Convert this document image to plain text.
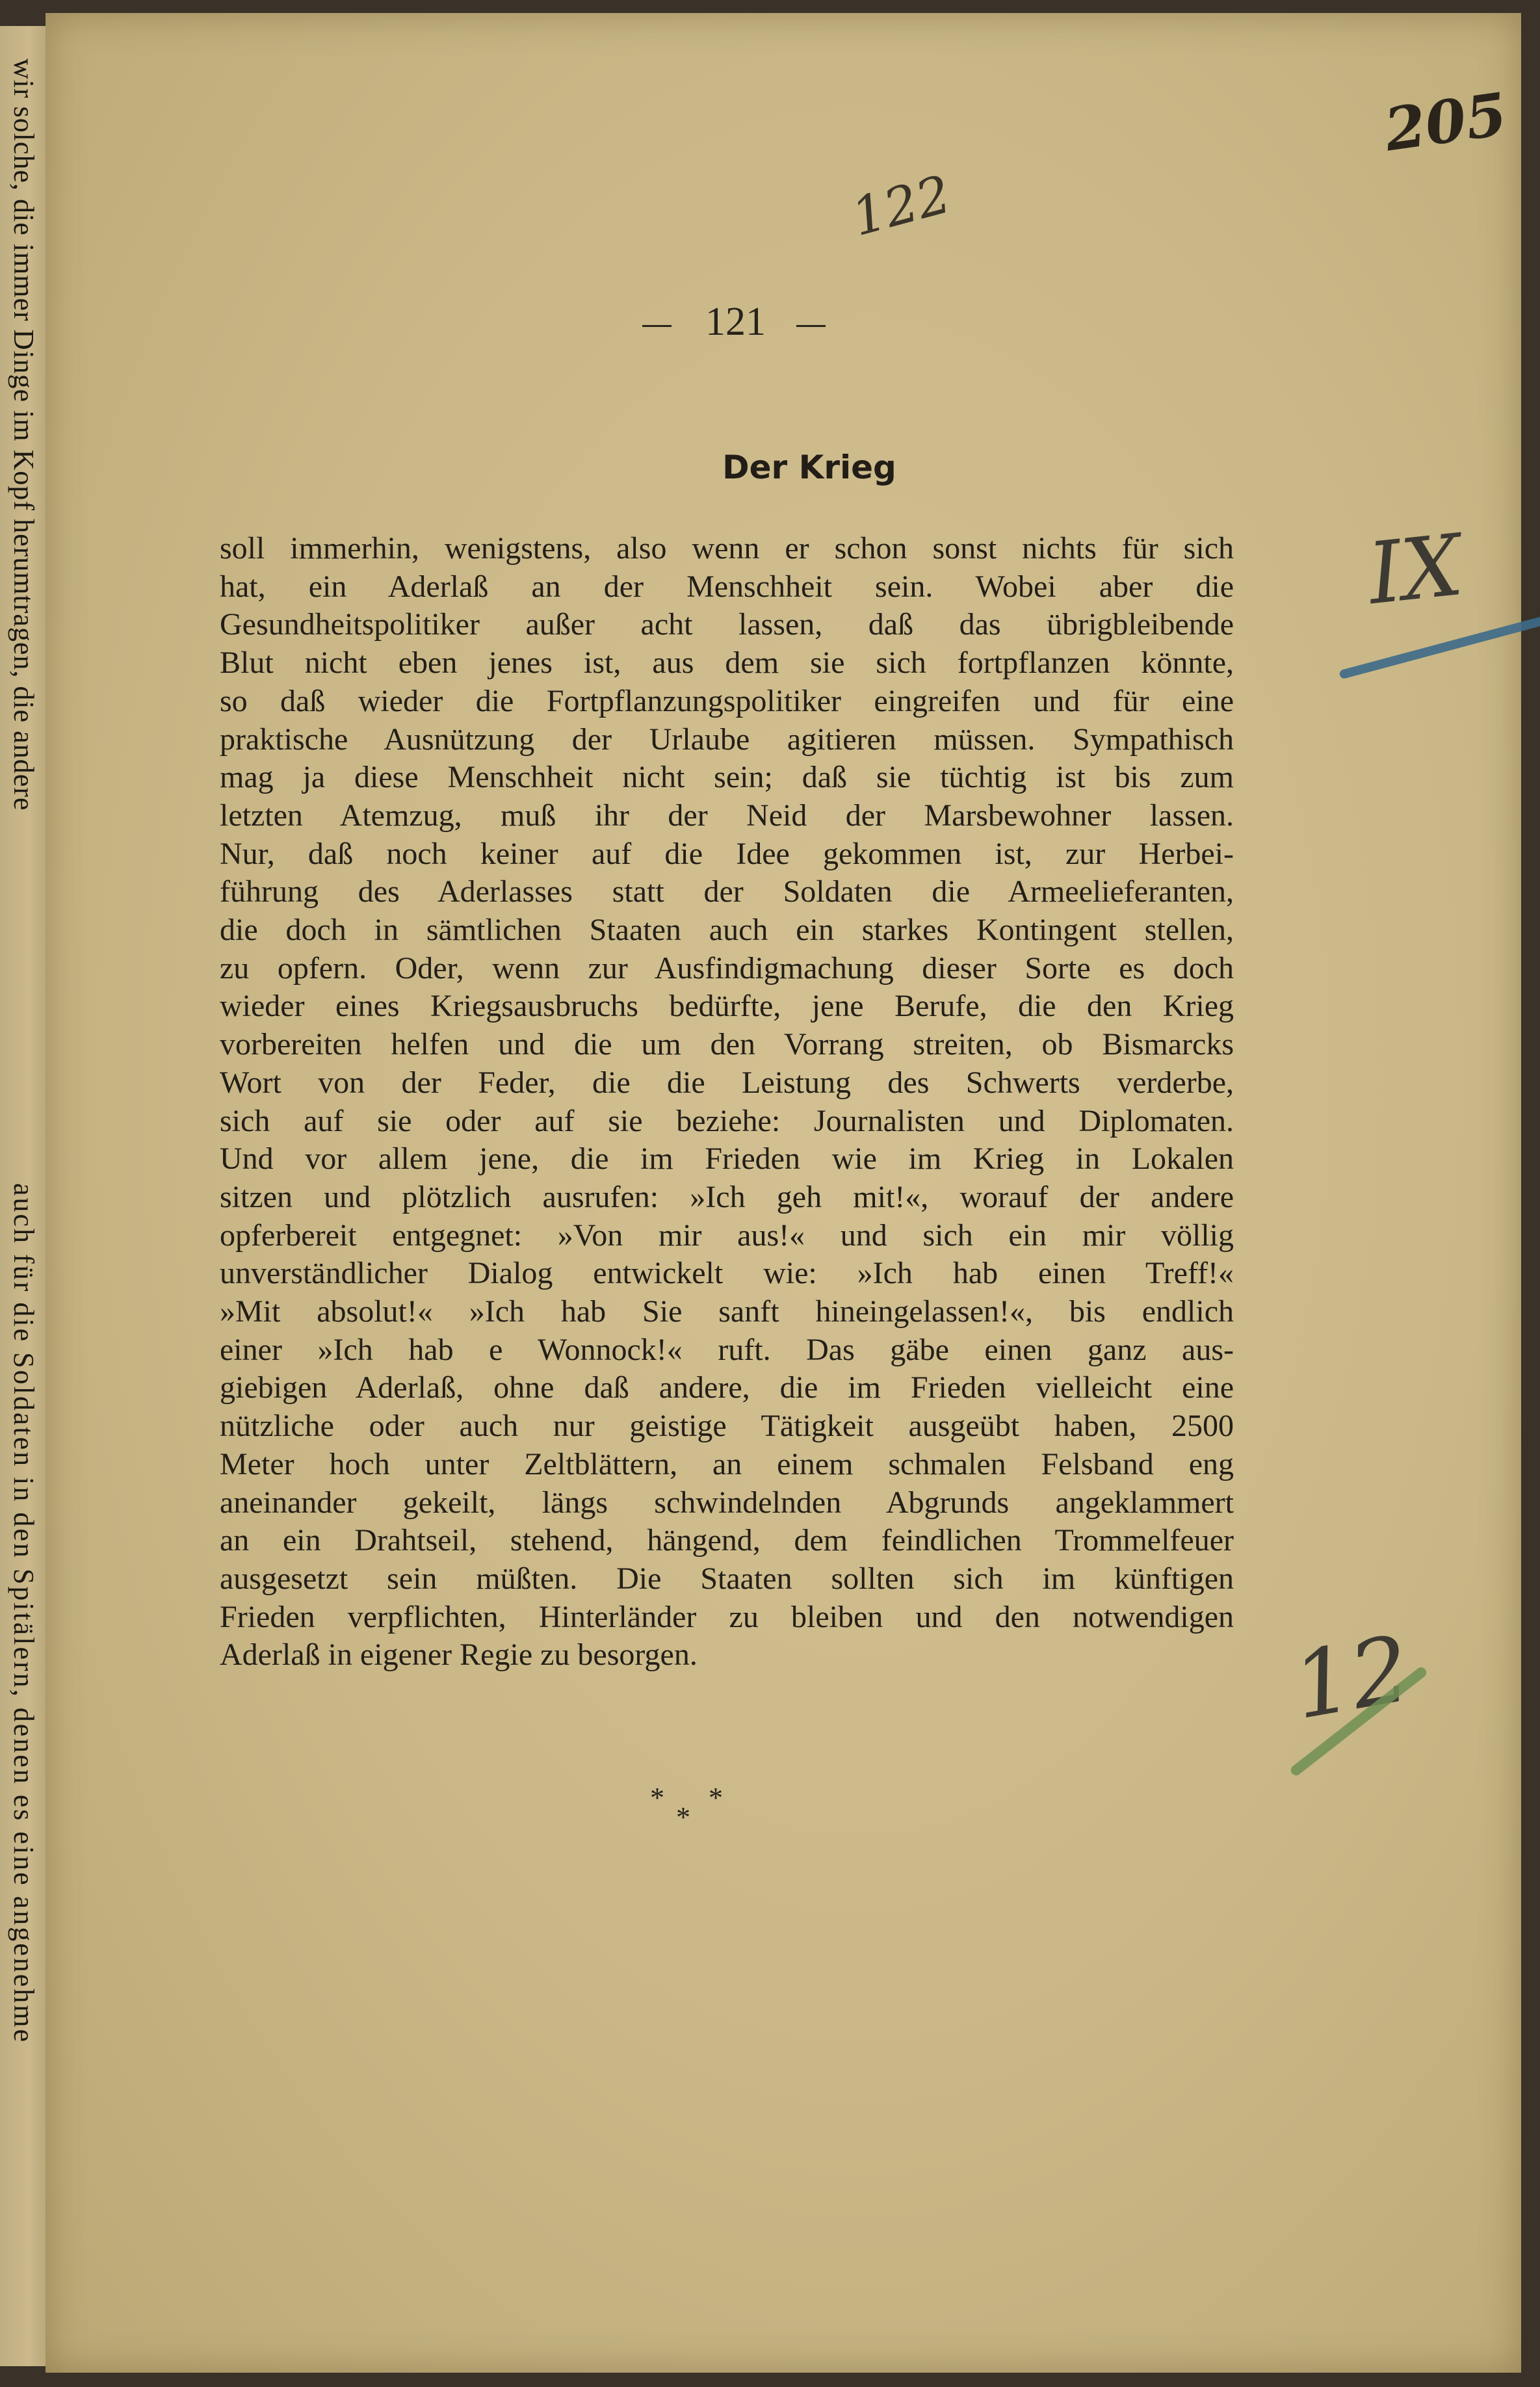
wir solche, die immer Dinge im Kopf herumtragen, die andere
auch für die Soldaten in den Spitälern, denen es eine angenehme
205
122
IX
12
121
Der Krieg
soll immerhin, wenigstens, also wenn er schon sonst nichts für sich
hat, ein Aderlaß an der Menschheit sein. Wobei aber die
Gesundheitspolitiker außer acht lassen, daß das übrigbleibende
Blut nicht eben jenes ist, aus dem sie sich fortpflanzen könnte,
so daß wieder die Fortpflanzungspolitiker eingreifen und für eine
praktische Ausnützung der Urlaube agitieren müssen. Sympathisch
mag ja diese Menschheit nicht sein; daß sie tüchtig ist bis zum
letzten Atemzug, muß ihr der Neid der Marsbewohner lassen.
Nur, daß noch keiner auf die Idee gekommen ist, zur Herbei-
führung des Aderlasses statt der Soldaten die Armeelieferanten,
die doch in sämtlichen Staaten auch ein starkes Kontingent stellen,
zu opfern. Oder, wenn zur Ausfindigmachung dieser Sorte es doch
wieder eines Kriegsausbruchs bedürfte, jene Berufe, die den Krieg
vorbereiten helfen und die um den Vorrang streiten, ob Bismarcks
Wort von der Feder, die die Leistung des Schwerts verderbe,
sich auf sie oder auf sie beziehe: Journalisten und Diplomaten.
Und vor allem jene, die im Frieden wie im Krieg in Lokalen
sitzen und plötzlich ausrufen: »Ich geh mit!«, worauf der andere
opferbereit entgegnet: »Von mir aus!« und sich ein mir völlig
unverständlicher Dialog entwickelt wie: »Ich hab einen Treff!«
»Mit absolut!« »Ich hab Sie sanft hineingelassen!«, bis endlich
einer »Ich hab e Wonnock!« ruft. Das gäbe einen ganz aus-
giebigen Aderlaß, ohne daß andere, die im Frieden vielleicht eine
nützliche oder auch nur geistige Tätigkeit ausgeübt haben, 2500
Meter hoch unter Zeltblättern, an einem schmalen Felsband eng
aneinander gekeilt, längs schwindelnden Abgrunds angeklammert
an ein Drahtseil, stehend, hängend, dem feindlichen Trommelfeuer
ausgesetzt sein müßten. Die Staaten sollten sich im künftigen
Frieden verpflichten, Hinterländer zu bleiben und den notwendigen
Aderlaß in eigener Regie zu besorgen.
* *
*
